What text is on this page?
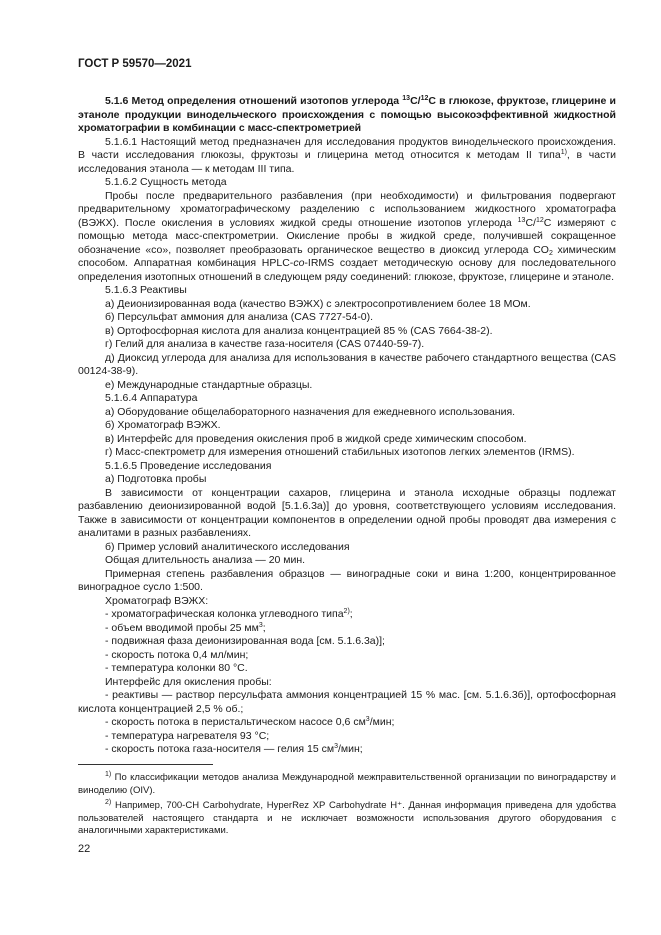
ГОСТ Р 59570—2021

5.1.6 Метод определения отношений изотопов углерода $^{13}$C/$^{12}$C в глюкозе, фруктозе, глицерине и этаноле продукции винодельческого происхождения с помощью высокоэффективной жидкостной хроматографии в комбинации с масс-спектрометрией

5.1.6.1 Настоящий метод предназначен для исследования продуктов винодельческого происхождения. В части исследования глюкозы, фруктозы и глицерина метод относится к методам II типа$^{1)}$, в части исследования этанола — к методам III типа.

5.1.6.2 Сущность метода

Пробы после предварительного разбавления (при необходимости) и фильтрования подвергают предварительному хроматографическому разделению с использованием жидкостного хроматографа (ВЭЖХ). После окисления в условиях жидкой среды отношение изотопов углерода $^{13}$C/$^{12}$C измеряют с помощью метода масс-спектрометрии. Окисление пробы в жидкой среде, получившей сокращенное обозначение «со», позволяет преобразовать органическое вещество в диоксид углерода $CO_2$ химическим способом. Аппаратная комбинация HPLC-co-IRMS создает методическую основу для последовательного определения изотопных отношений в следующем ряду соединений: глюкозе, фруктозе, глицерине и этаноле.

5.1.6.3 Реактивы

а) Деионизированная вода (качество ВЭЖХ) с электросопротивлением более 18 МОм.

б) Персульфат аммония для анализа (CAS 7727-54-0).

в) Ортофосфорная кислота для анализа концентрацией 85 % (CAS 7664-38-2).

г) Гелий для анализа в качестве газа-носителя (CAS 07440-59-7).

д) Диоксид углерода для анализа для использования в качестве рабочего стандартного вещества (CAS 00124-38-9).

е) Международные стандартные образцы.

5.1.6.4 Аппаратура

а) Оборудование общелабораторного назначения для ежедневного использования.

б) Хроматограф ВЭЖХ.

в) Интерфейс для проведения окисления проб в жидкой среде химическим способом.

г) Масс-спектрометр для измерения отношений стабильных изотопов легких элементов (IRMS).

5.1.6.5 Проведение исследования

а) Подготовка пробы

В зависимости от концентрации сахаров, глицерина и этанола исходные образцы подлежат разбавлению деионизированной водой [5.1.6.3а)] до уровня, соответствующего условиям исследования. Также в зависимости от концентрации компонентов в определении одной пробы проводят два измерения с аналитами в разных разбавлениях.

б) Пример условий аналитического исследования

Общая длительность анализа — 20 мин.

Примерная степень разбавления образцов — виноградные соки и вина 1:200, концентрированное виноградное сусло 1:500.

Хроматограф ВЭЖХ:

- хроматографическая колонка углеводного типа$^{2)}$;

- объем вводимой пробы 25 $мм^3$;

- подвижная фаза деионизированная вода [см. 5.1.6.3а)];

- скорость потока 0,4 мл/мин;

- температура колонки 80 °C.

Интерфейс для окисления пробы:

- реактивы — раствор персульфата аммония концентрацией 15 % мас. [см. 5.1.6.3б)], ортофосфорная кислота концентрацией 2,5 % об.;

- скорость потока в перистальтическом насосе 0,6 $см^3$/мин;

- температура нагревателя 93 °C;

- скорость потока газа-носителя — гелия 15 $см^3$/мин;

$^{1)}$ По классификации методов анализа Международной межправительственной организации по виноградарству и виноделию (OIV).

$^{2)}$ Например, 700-CH Carbohydrate, HyperRez XP Carbohydrate H⁺. Данная информация приведена для удобства пользователей настоящего стандарта и не исключает возможности использования другого оборудования с аналогичными характеристиками.

22
